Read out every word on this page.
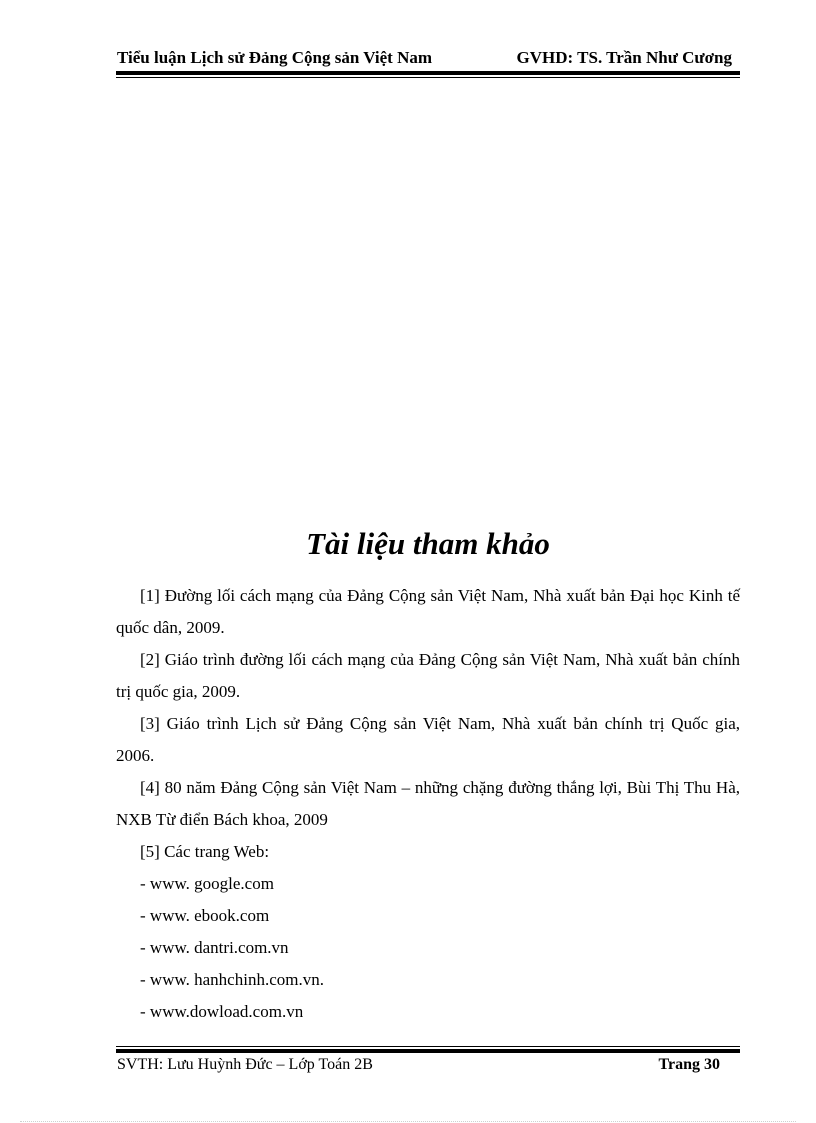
Tiểu luận Lịch sử Đảng Cộng sản Việt Nam	GVHD: TS. Trần Như Cương
Tài liệu tham khảo

[1] Đường lối cách mạng của Đảng Cộng sản Việt Nam, Nhà xuất bản Đại học Kinh tế quốc dân, 2009.

[2] Giáo trình đường lối cách mạng của Đảng Cộng sản Việt Nam, Nhà xuất bản chính trị quốc gia, 2009.

[3] Giáo trình Lịch sử Đảng Cộng sản Việt Nam, Nhà xuất bản chính trị Quốc gia, 2006.

[4] 80 năm Đảng Cộng sản Việt Nam – những chặng đường thắng lợi, Bùi Thị Thu Hà, NXB Từ điển Bách khoa, 2009

[5] Các trang Web:
- www. google.com
- www. ebook.com
- www. dantri.com.vn
- www. hanhchinh.com.vn.
- www.dowload.com.vn
SVTH: Lưu Huỳnh Đức – Lớp Toán 2B	Trang 30
